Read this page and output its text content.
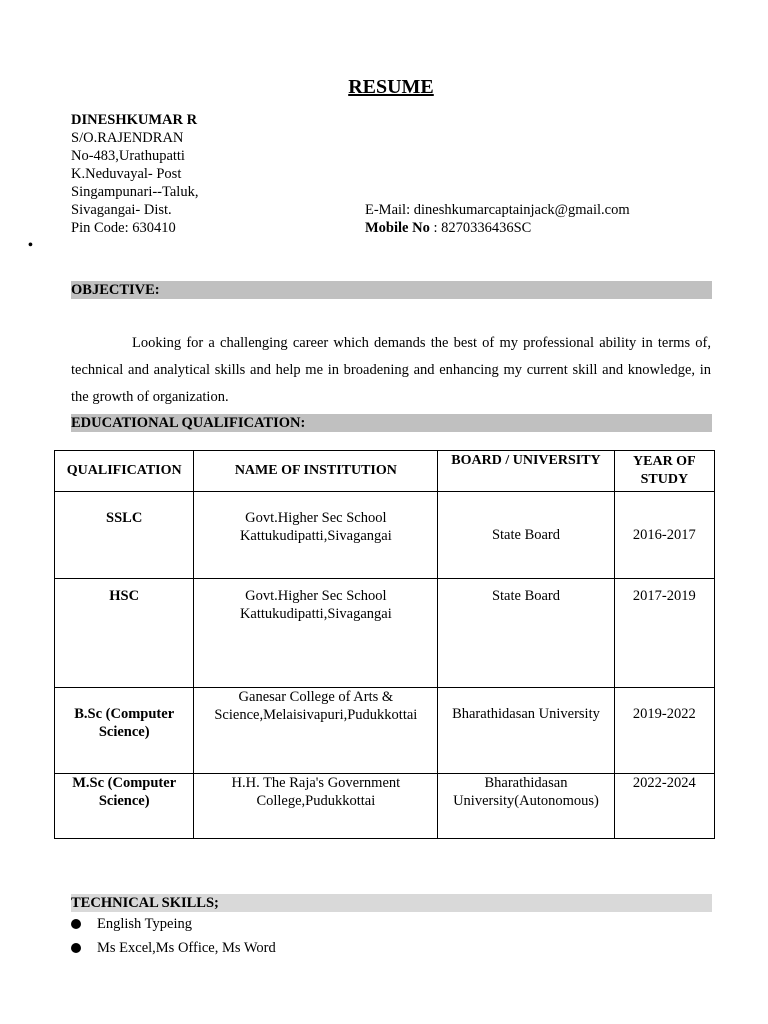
RESUME
DINESHKUMAR R
S/O.RAJENDRAN
No-483,Urathupatti
K.Neduvayal- Post
Singampunari--Taluk,
Sivagangai- Dist.
Pin Code: 630410
E-Mail: dineshkumarcaptainjack@gmail.com
Mobile No : 8270336436SC
•
OBJECTIVE:
Looking for a challenging career which demands the best of my professional ability in terms of, technical and analytical skills and help me in broadening and enhancing my current skill and knowledge, in the growth of organization.
EDUCATIONAL QUALIFICATION:
QUALIFICATION	NAME OF INSTITUTION	BOARD / UNIVERSITY	YEAR OF STUDY
SSLC	Govt.Higher Sec School Kattukudipatti,Sivagangai	State Board	2016-2017
HSC	Govt.Higher Sec School Kattukudipatti,Sivagangai	State Board	2017-2019
B.Sc (Computer Science)	Ganesar College of Arts & Science,Melaisivapuri,Pudukkottai	Bharathidasan University	2019-2022
M.Sc (Computer Science)	H.H. The Raja's Government College,Pudukkottai	Bharathidasan University(Autonomous)	2022-2024
TECHNICAL SKILLS;
English Typeing
Ms Excel,Ms Office, Ms Word
